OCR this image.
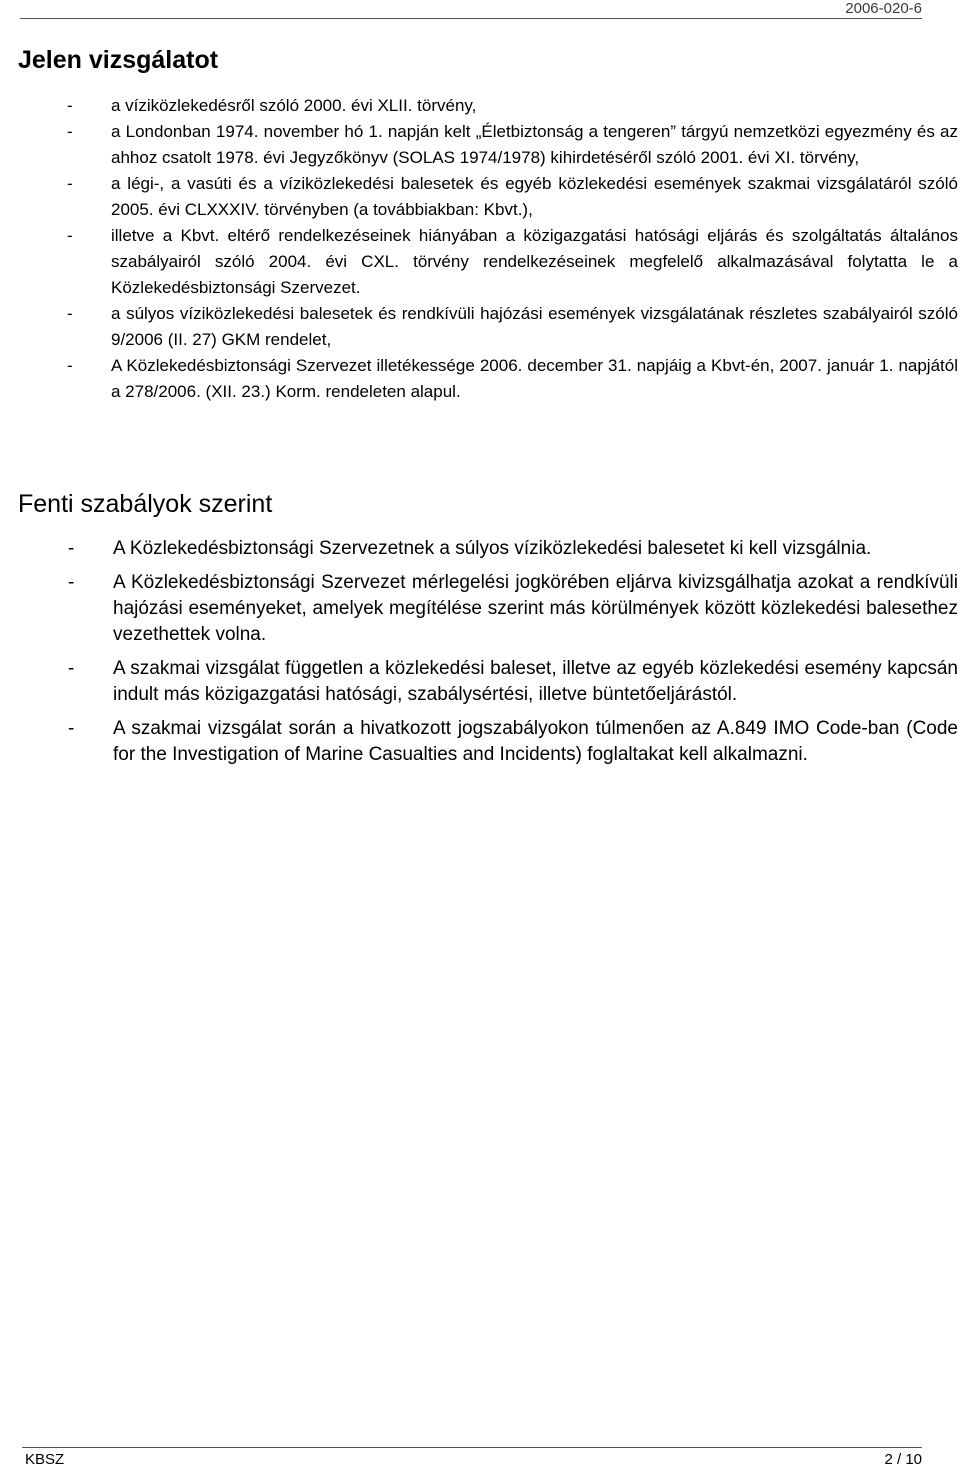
2006-020-6
Jelen vizsgálatot
- a víziközlekedésről szóló 2000. évi XLII. törvény,
- a Londonban 1974. november hó 1. napján kelt „Életbiztonság a tengeren” tárgyú nemzetközi egyezmény és az ahhoz csatolt 1978. évi Jegyzőkönyv (SOLAS 1974/1978) kihirdetéséről szóló 2001. évi XI. törvény,
- a légi-, a vasúti és a víziközlekedési balesetek és egyéb közlekedési események szakmai vizsgálatáról szóló 2005. évi CLXXXIV. törvényben (a továbbiakban: Kbvt.),
- illetve a Kbvt. eltérő rendelkezéseinek hiányában a közigazgatási hatósági eljárás és szolgáltatás általános szabályairól szóló 2004. évi CXL. törvény rendelkezéseinek megfelelő alkalmazásával folytatta le a Közlekedésbiztonsági Szervezet.
- a súlyos víziközlekedési balesetek és rendkívüli hajózási események vizsgálatának részletes szabályairól szóló 9/2006 (II. 27) GKM rendelet,
- A Közlekedésbiztonsági Szervezet illetékessége 2006. december 31. napjáig a Kbvt-én, 2007. január 1. napjától a 278/2006. (XII. 23.) Korm. rendeleten alapul.
Fenti szabályok szerint
- A Közlekedésbiztonsági Szervezetnek a súlyos víziközlekedési balesetet ki kell vizsgálnia.
- A Közlekedésbiztonsági Szervezet mérlegelési jogkörében eljárva kivizsgálhatja azokat a rendkívüli hajózási eseményeket, amelyek megítélése szerint más körülmények között közlekedési balesethez vezethettek volna.
- A szakmai vizsgálat független a közlekedési baleset, illetve az egyéb közlekedési esemény kapcsán indult más közigazgatási hatósági, szabálysértési, illetve büntetőeljárástól.
- A szakmai vizsgálat során a hivatkozott jogszabályokon túlmenően az A.849 IMO Code-ban (Code for the Investigation of Marine Casualties and Incidents) foglaltakat kell alkalmazni.
KBSZ	2 / 10
